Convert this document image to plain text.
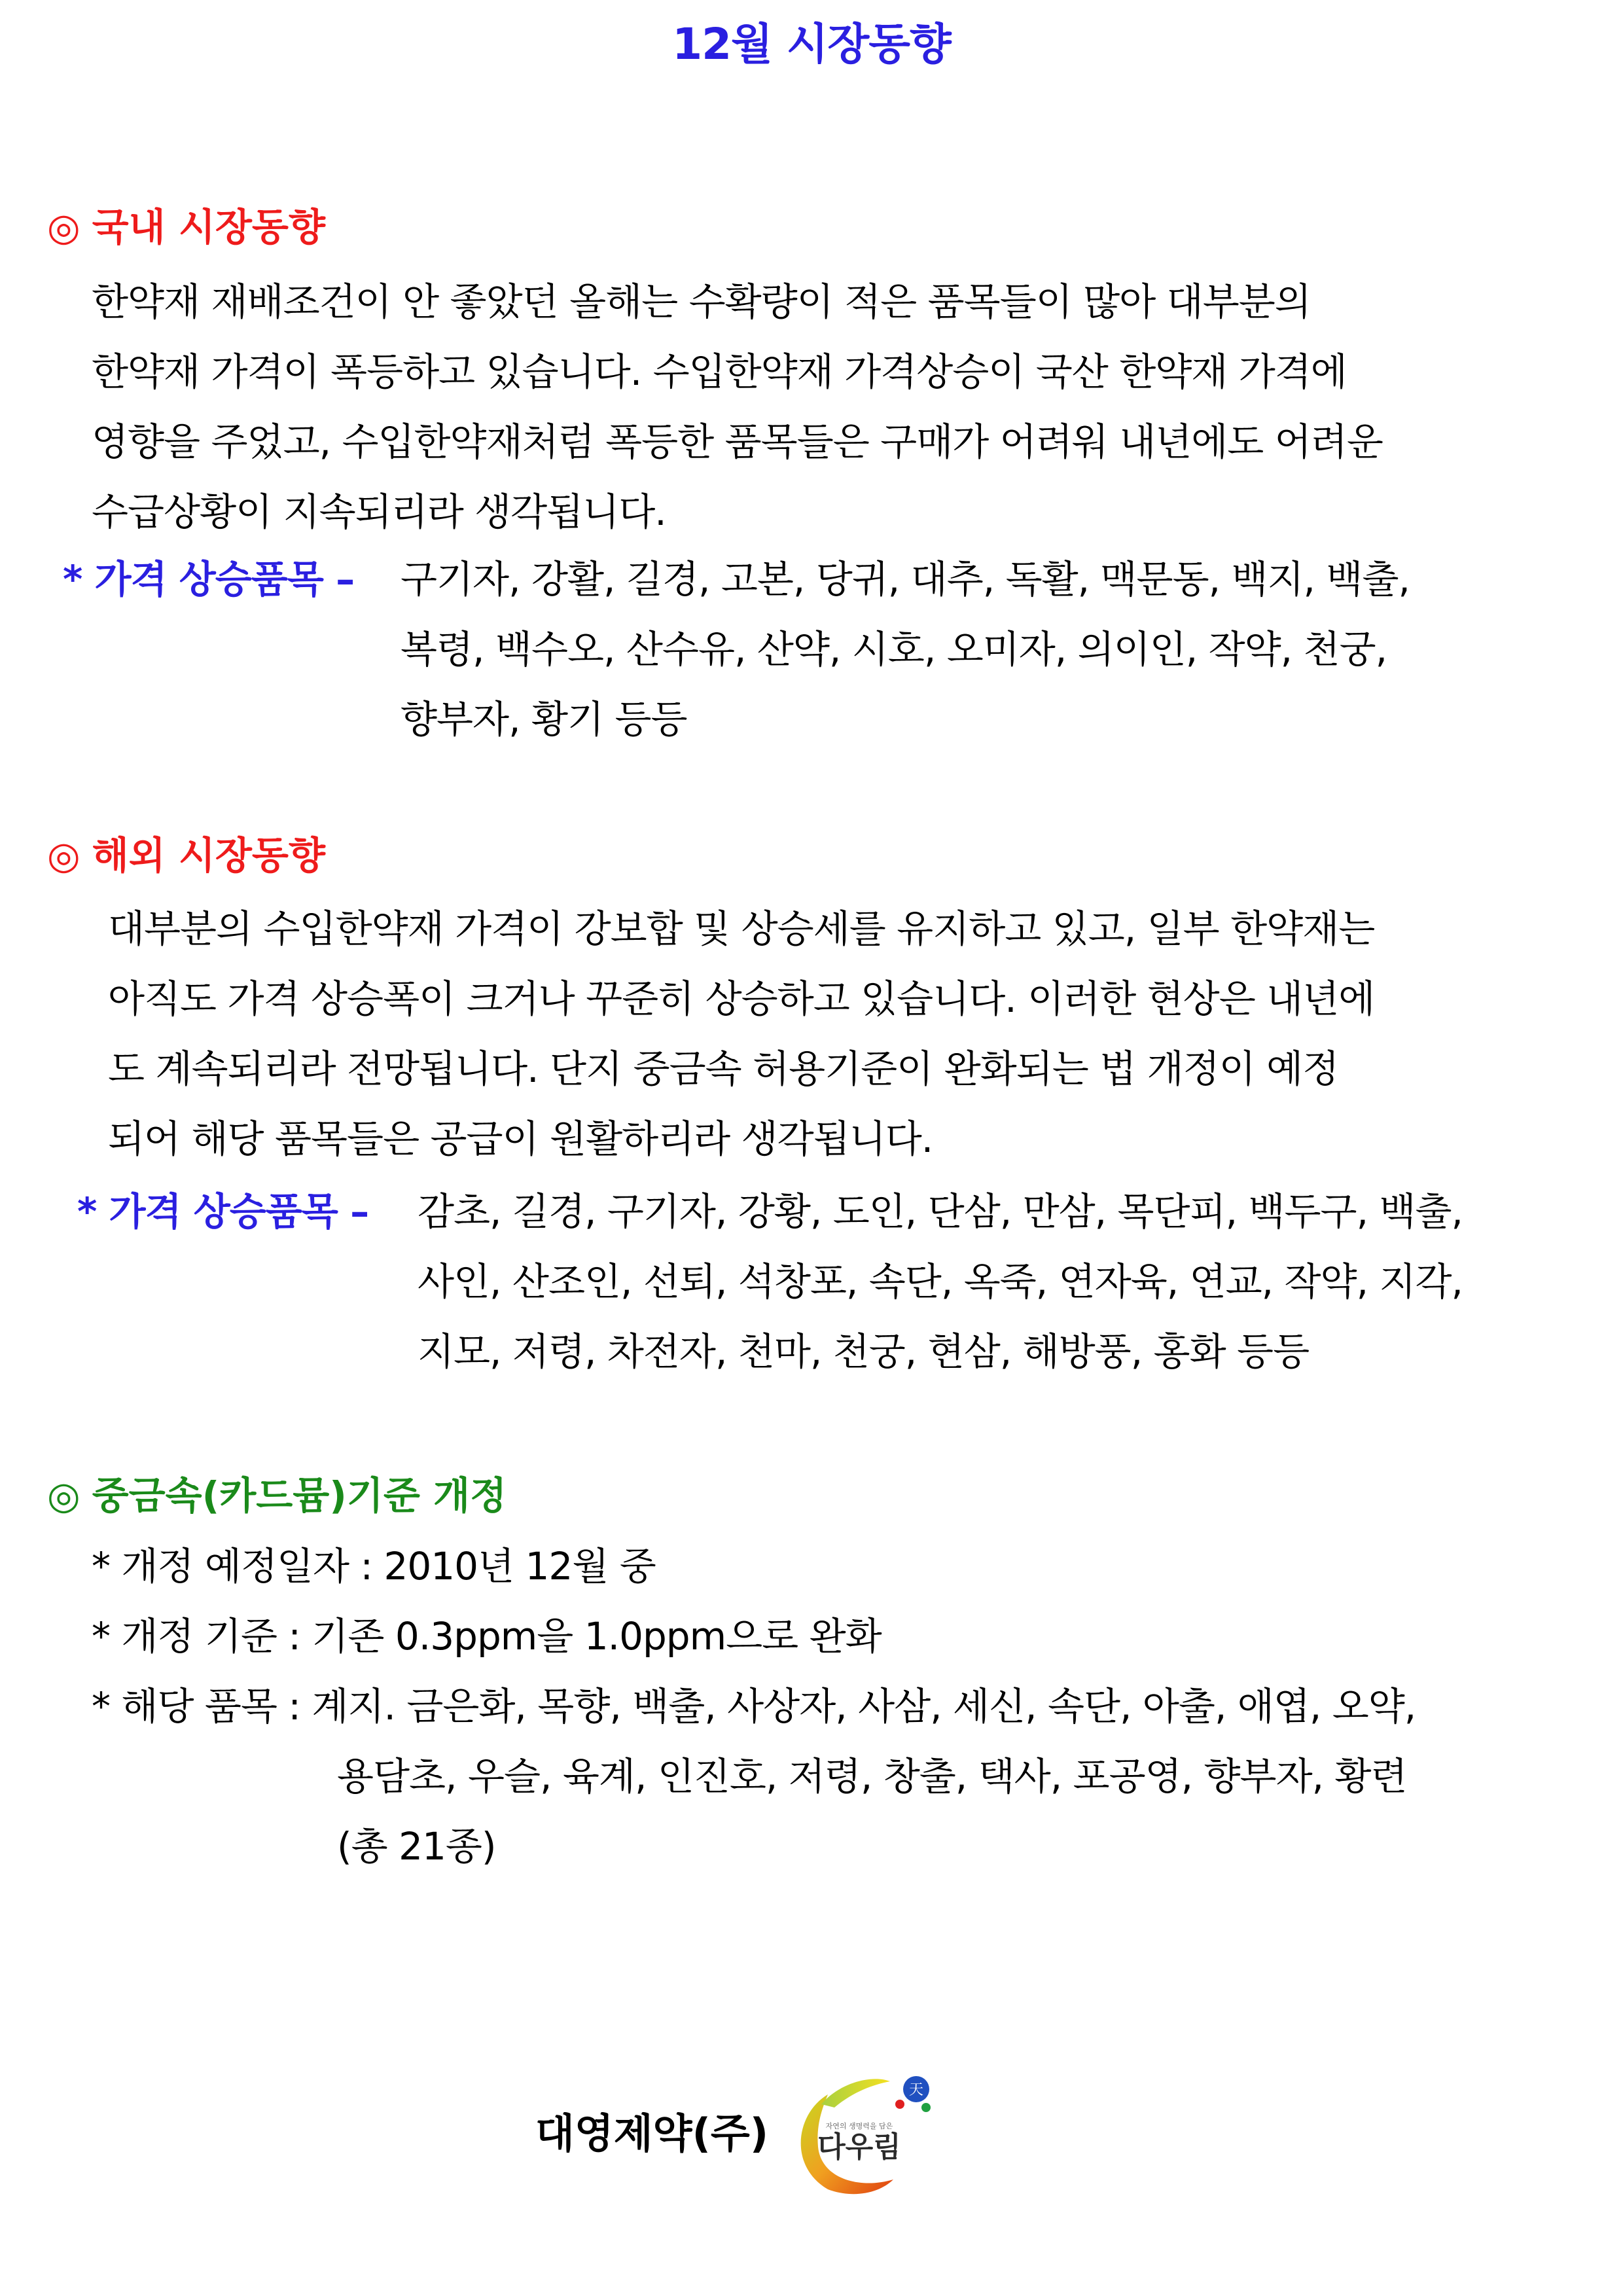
12월 시장동향
◎ 국내 시장동향
한약재 재배조건이 안 좋았던 올해는 수확량이 적은 품목들이 많아 대부분의
한약재 가격이 폭등하고 있습니다. 수입한약재 가격상승이 국산 한약재 가격에
영향을 주었고, 수입한약재처럼 폭등한 품목들은 구매가 어려워 내년에도 어려운
수급상황이 지속되리라 생각됩니다.
* 가격 상승품목 – 구기자, 강활, 길경, 고본, 당귀, 대추, 독활, 맥문동, 백지, 백출,
복령, 백수오, 산수유, 산약, 시호, 오미자, 의이인, 작약, 천궁,
향부자, 황기 등등
◎ 해외 시장동향
대부분의 수입한약재 가격이 강보합 및 상승세를 유지하고 있고, 일부 한약재는
아직도 가격 상승폭이 크거나 꾸준히 상승하고 있습니다. 이러한 현상은 내년에
도 계속되리라 전망됩니다. 단지 중금속 허용기준이 완화되는 법 개정이 예정
되어 해당 품목들은 공급이 원활하리라 생각됩니다.
* 가격 상승품목 – 감초, 길경, 구기자, 강황, 도인, 단삼, 만삼, 목단피, 백두구, 백출,
사인, 산조인, 선퇴, 석창포, 속단, 옥죽, 연자육, 연교, 작약, 지각,
지모, 저령, 차전자, 천마, 천궁, 현삼, 해방풍, 홍화 등등
◎ 중금속(카드뮴)기준 개정
* 개정 예정일자 : 2010년 12월 중
* 개정 기준 : 기존 0.3ppm을 1.0ppm으로 완화
* 해당 품목 : 계지. 금은화, 목향, 백출, 사상자, 사삼, 세신, 속단, 아출, 애엽, 오약,
용담초, 우슬, 육계, 인진호, 저령, 창출, 택사, 포공영, 향부자, 황련
(총 21종)
대영제약(주)
天
자연의 생명력을 담은
다우림
